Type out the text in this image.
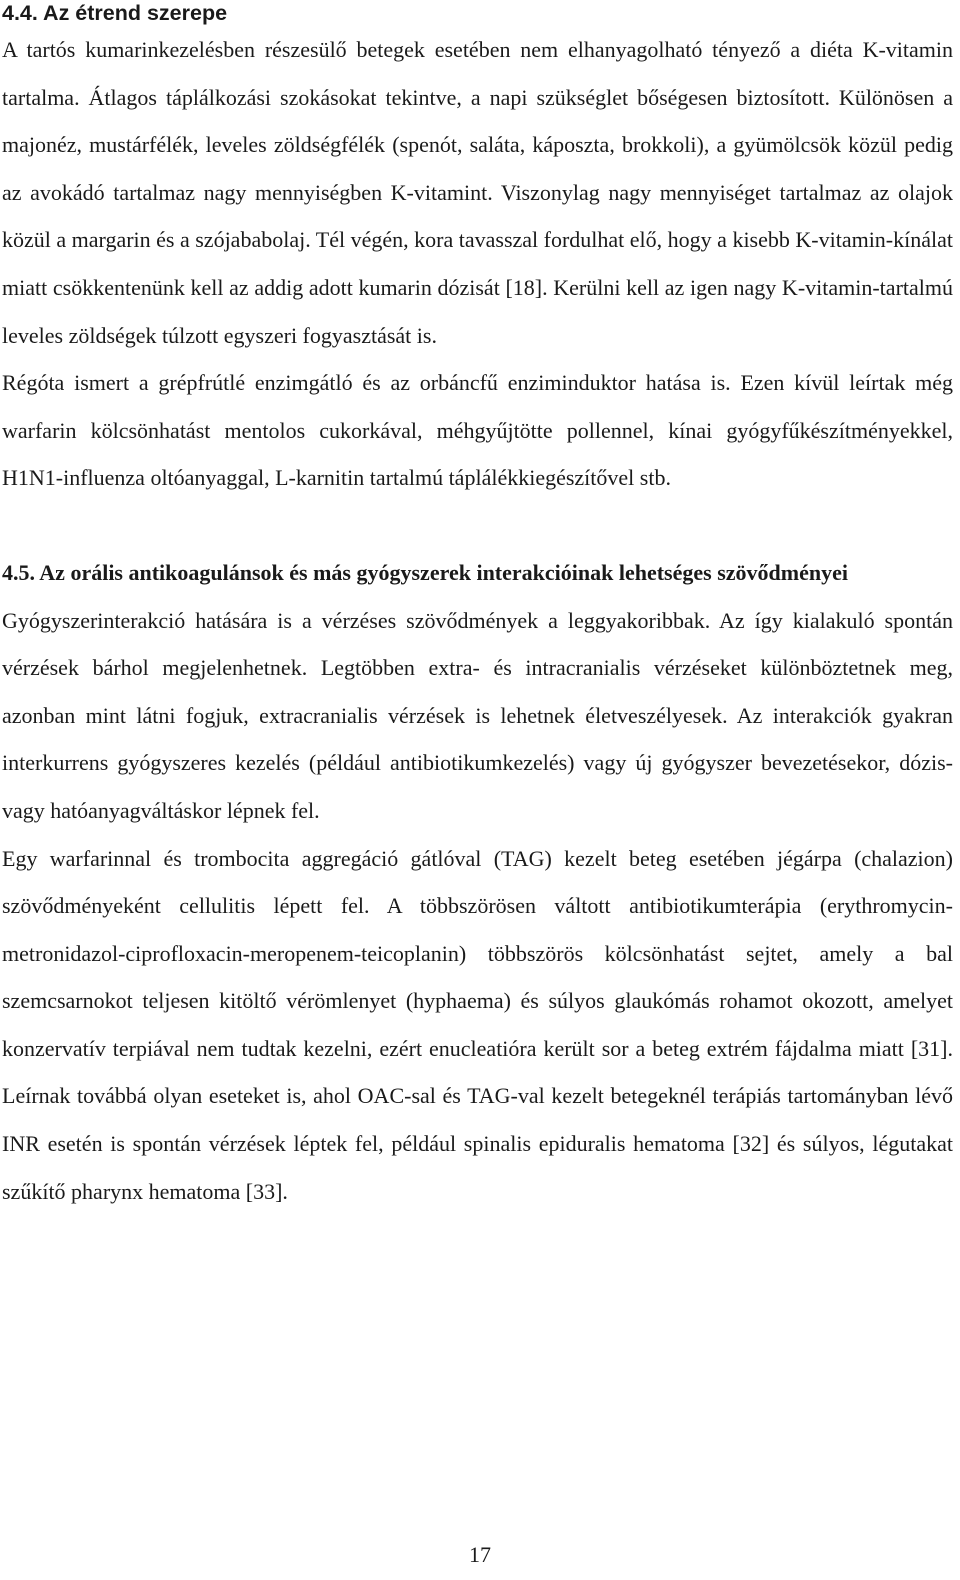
4.4. Az étrend szerepe

A tartós kumarinkezelésben részesülő betegek esetében nem elhanyagolható tényező a diéta K-vitamin tartalma. Átlagos táplálkozási szokásokat tekintve, a napi szükséglet bőségesen biztosított. Különösen a majonéz, mustárfélék, leveles zöldségfélék (spenót, saláta, káposzta, brokkoli), a gyümölcsök közül pedig az avokádó tartalmaz nagy mennyiségben K-vitamint. Viszonylag nagy mennyiséget tartalmaz az olajok közül a margarin és a szójababolaj. Tél végén, kora tavasszal fordulhat elő, hogy a kisebb K-vitamin-kínálat miatt csökkentenünk kell az addig adott kumarin dózisát [18]. Kerülni kell az igen nagy K-vitamin-tartalmú leveles zöldségek túlzott egyszeri fogyasztását is.

Régóta ismert a grépfrútlé enzimgátló és az orbáncfű enziminduktor hatása is. Ezen kívül leírtak még warfarin kölcsönhatást mentolos cukorkával, méhgyűjtötte pollennel, kínai gyógyfűkészítményekkel, H1N1-influenza oltóanyaggal, L-karnitin tartalmú táplálékkiegészítővel stb.

4.5. Az orális antikoagulánsok és más gyógyszerek interakcióinak lehetséges szövődményei

Gyógyszerinterakció hatására is a vérzéses szövődmények a leggyakoribbak. Az így kialakuló spontán vérzések bárhol megjelenhetnek. Legtöbben extra- és intracranialis vérzéseket különböztetnek meg, azonban mint látni fogjuk, extracranialis vérzések is lehetnek életveszélyesek. Az interakciók gyakran interkurrens gyógyszeres kezelés (például antibiotikumkezelés) vagy új gyógyszer bevezetésekor, dózis- vagy hatóanyagváltáskor lépnek fel.

Egy warfarinnal és trombocita aggregáció gátlóval (TAG) kezelt beteg esetében jégárpa (chalazion) szövődményeként cellulitis lépett fel. A többszörösen váltott antibiotikumterápia (erythromycin-metronidazol-ciprofloxacin-meropenem-teicoplanin) többszörös kölcsönhatást sejtet, amely a bal szemcsarnokot teljesen kitöltő vérömlenyet (hyphaema) és súlyos glaukómás rohamot okozott, amelyet konzervatív terpiával nem tudtak kezelni, ezért enucleatióra került sor a beteg extrém fájdalma miatt [31]. Leírnak továbbá olyan eseteket is, ahol OAC-sal és TAG-val kezelt betegeknél terápiás tartományban lévő INR esetén is spontán vérzések léptek fel, például spinalis epiduralis hematoma [32] és súlyos, légutakat szűkítő pharynx hematoma [33].

17
